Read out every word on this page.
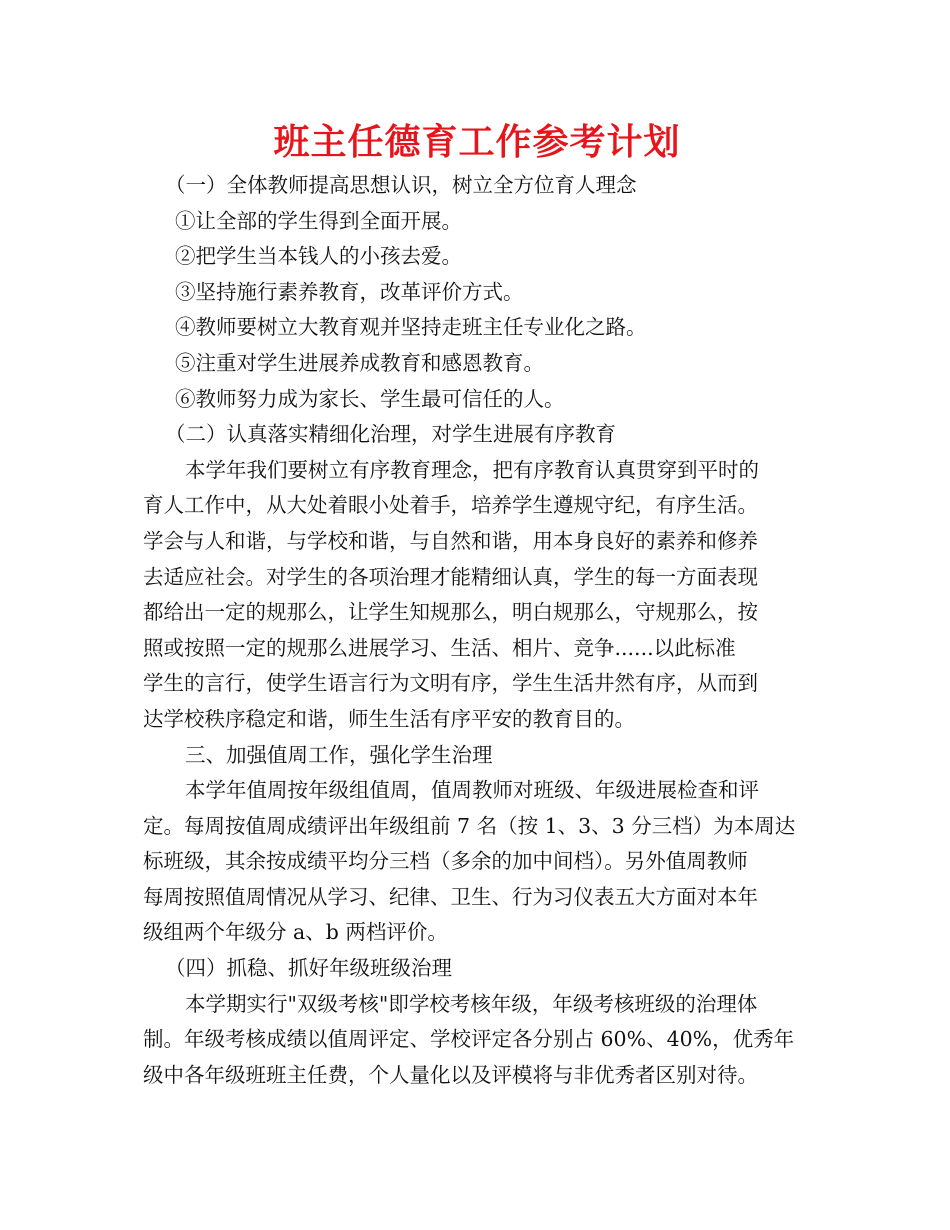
班主任德育工作参考计划
（一）全体教师提高思想认识，树立全方位育人理念
①让全部的学生得到全面开展。
②把学生当本钱人的小孩去爱。
③坚持施行素养教育，改革评价方式。
④教师要树立大教育观并坚持走班主任专业化之路。
⑤注重对学生进展养成教育和感恩教育。
⑥教师努力成为家长、学生最可信任的人。
（二）认真落实精细化治理，对学生进展有序教育
本学年我们要树立有序教育理念，把有序教育认真贯穿到平时的
育人工作中，从大处着眼小处着手，培养学生遵规守纪，有序生活。
学会与人和谐，与学校和谐，与自然和谐，用本身良好的素养和修养
去适应社会。对学生的各项治理才能精细认真，学生的每一方面表现
都给出一定的规那么，让学生知规那么，明白规那么，守规那么，按
照或按照一定的规那么进展学习、生活、相片、竞争......以此标准
学生的言行，使学生语言行为文明有序，学生生活井然有序，从而到
达学校秩序稳定和谐，师生生活有序平安的教育目的。
三、加强值周工作，强化学生治理
本学年值周按年级组值周，值周教师对班级、年级进展检查和评
定。每周按值周成绩评出年级组前 7 名（按 1、3、3 分三档）为本周达
标班级，其余按成绩平均分三档（多余的加中间档）。另外值周教师
每周按照值周情况从学习、纪律、卫生、行为习仪表五大方面对本年
级组两个年级分 a、b 两档评价。
（四）抓稳、抓好年级班级治理
本学期实行"双级考核"即学校考核年级，年级考核班级的治理体
制。年级考核成绩以值周评定、学校评定各分别占 60%、40%，优秀年
级中各年级班班主任费，个人量化以及评模将与非优秀者区别对待。
